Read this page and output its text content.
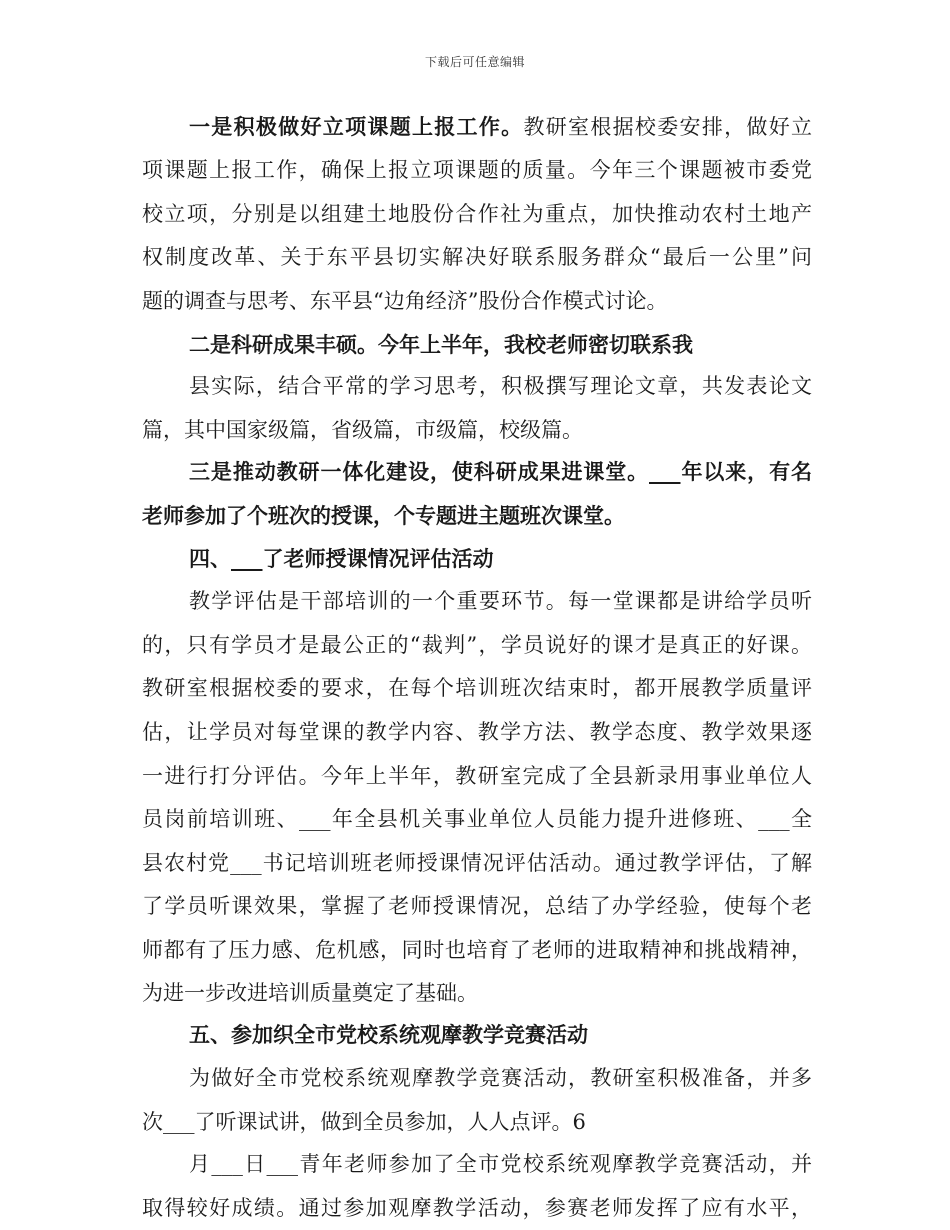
下载后可任意编辑
一是积极做好立项课题上报工作。教研室根据校委安排，做好立
项课题上报工作，确保上报立项课题的质量。今年三个课题被市委党
校立项，分别是以组建土地股份合作社为重点，加快推动农村土地产
权制度改革、关于东平县切实解决好联系服务群众“最后一公里”问
题的调查与思考、东平县“边角经济”股份合作模式讨论。
二是科研成果丰硕。今年上半年，我校老师密切联系我
县实际，结合平常的学习思考，积极撰写理论文章，共发表论文
篇，其中国家级篇，省级篇，市级篇，校级篇。
三是推动教研一体化建设，使科研成果进课堂。___年以来，有名
老师参加了个班次的授课，个专题进主题班次课堂。
四、___了老师授课情况评估活动
教学评估是干部培训的一个重要环节。每一堂课都是讲给学员听
的，只有学员才是最公正的“裁判”，学员说好的课才是真正的好课。
教研室根据校委的要求，在每个培训班次结束时，都开展教学质量评
估，让学员对每堂课的教学内容、教学方法、教学态度、教学效果逐
一进行打分评估。今年上半年，教研室完成了全县新录用事业单位人
员岗前培训班、___年全县机关事业单位人员能力提升进修班、___全
县农村党___书记培训班老师授课情况评估活动。通过教学评估，了解
了学员听课效果，掌握了老师授课情况，总结了办学经验，使每个老
师都有了压力感、危机感，同时也培育了老师的进取精神和挑战精神，
为进一步改进培训质量奠定了基础。
五、参加织全市党校系统观摩教学竞赛活动
为做好全市党校系统观摩教学竞赛活动，教研室积极准备，并多
次___了听课试讲，做到全员参加，人人点评。6
月___日___青年老师参加了全市党校系统观摩教学竞赛活动，并
取得较好成绩。通过参加观摩教学活动，参赛老师发挥了应有水平，
